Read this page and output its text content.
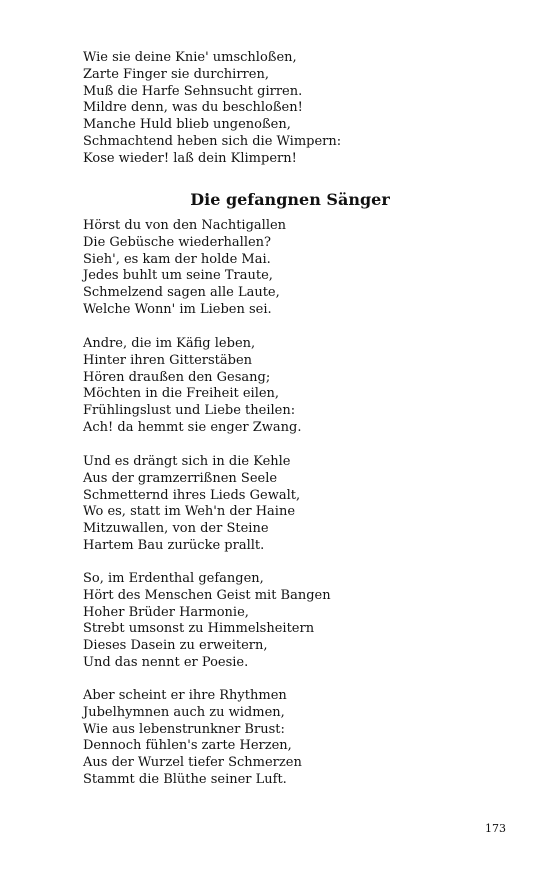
Wie sie deine Knie' umschloßen,
Zarte Finger sie durchirren,
Muß die Harfe Sehnsucht girren.
Mildre denn, was du beschloßen!
Manche Huld blieb ungenoßen,
Schmachtend heben sich die Wimpern:
Kose wieder! laß dein Klimpern!
Die gefangnen Sänger
Hörst du von den Nachtigallen
Die Gebüsche wiederhallen?
Sieh', es kam der holde Mai.
Jedes buhlt um seine Traute,
Schmelzend sagen alle Laute,
Welche Wonn' im Lieben sei.
Andre, die im Käfig leben,
Hinter ihren Gitterstäben
Hören draußen den Gesang;
Möchten in die Freiheit eilen,
Frühlingslust und Liebe theilen:
Ach! da hemmt sie enger Zwang.
Und es drängt sich in die Kehle
Aus der gramzerrißnen Seele
Schmetternd ihres Lieds Gewalt,
Wo es, statt im Weh'n der Haine
Mitzuwallen, von der Steine
Hartem Bau zurücke prallt.
So, im Erdenthal gefangen,
Hört des Menschen Geist mit Bangen
Hoher Brüder Harmonie,
Strebt umsonst zu Himmelsheitern
Dieses Dasein zu erweitern,
Und das nennt er Poesie.
Aber scheint er ihre Rhythmen
Jubelhymnen auch zu widmen,
Wie aus lebenstrunkner Brust:
Dennoch fühlen's zarte Herzen,
Aus der Wurzel tiefer Schmerzen
Stammt die Blüthe seiner Luft.
173
